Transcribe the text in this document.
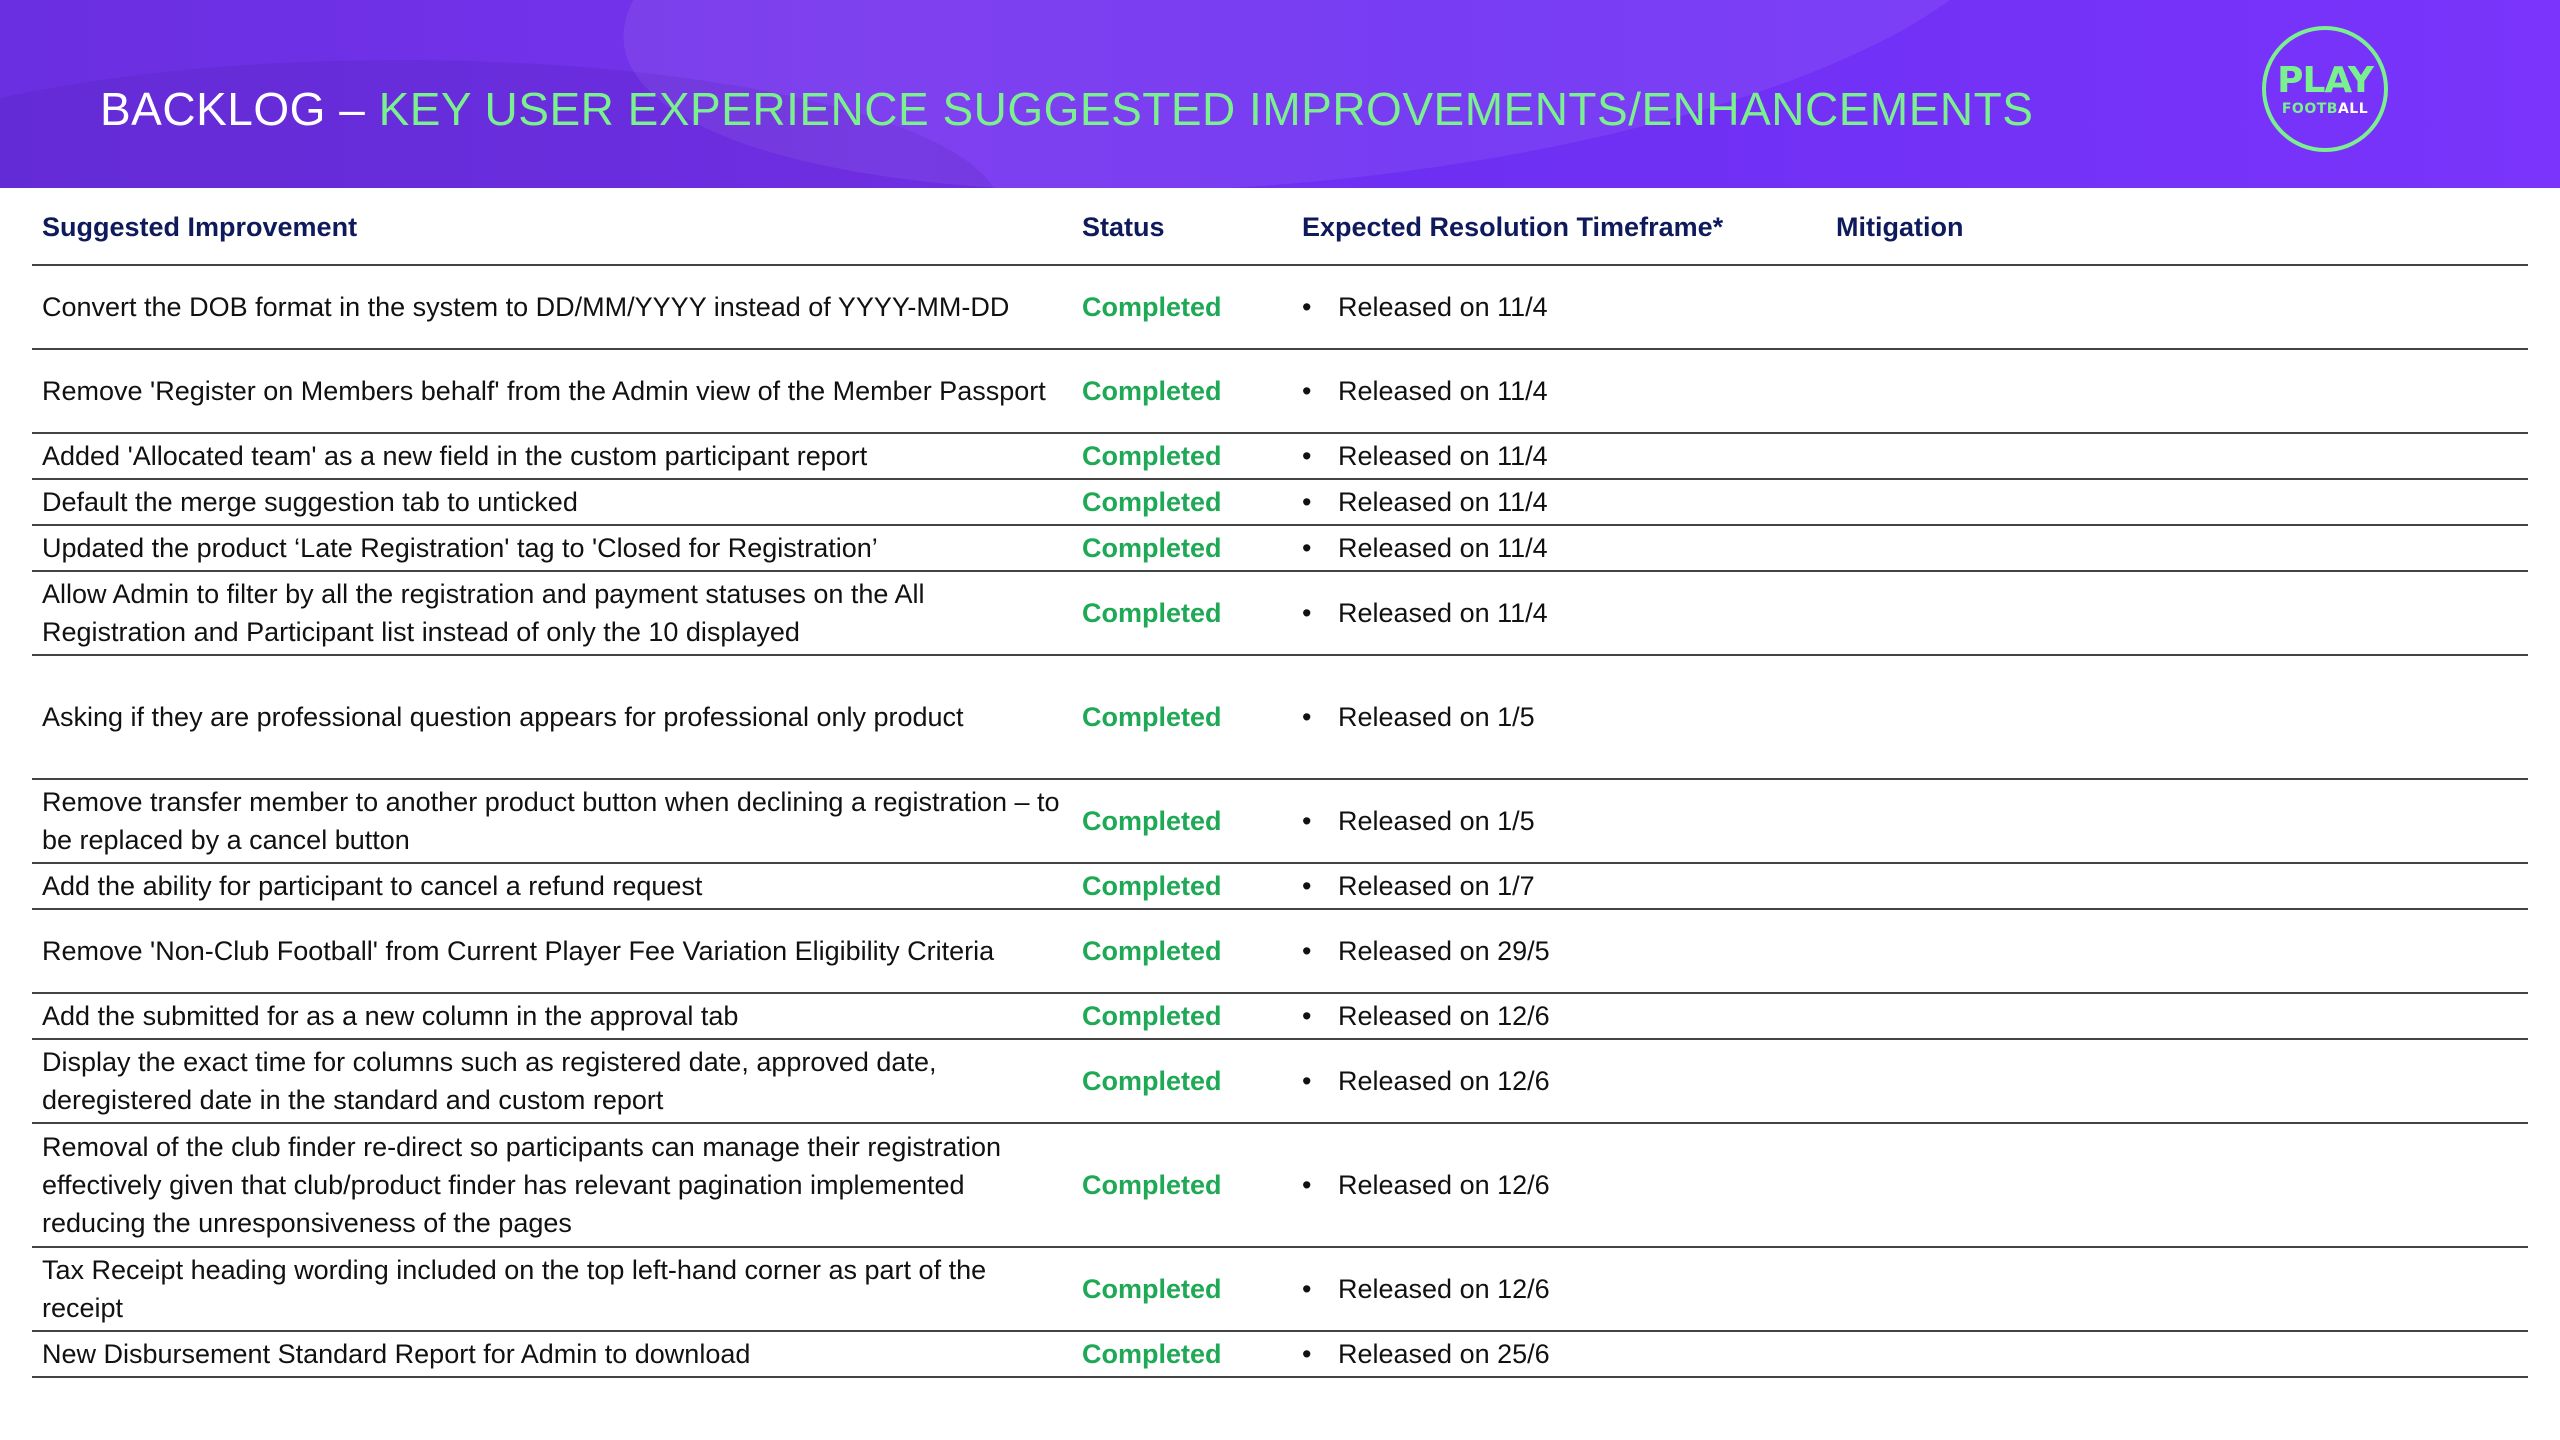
BACKLOG – KEY USER EXPERIENCE SUGGESTED IMPROVEMENTS/ENHANCEMENTS
PLAY
FOOTBALL
Suggested Improvement	Status	Expected Resolution Timeframe*	Mitigation
Convert the DOB format in the system to DD/MM/YYYY instead of YYYY-MM-DD	Completed	• Released on 11/4	
Remove 'Register on Members behalf' from the Admin view of the Member Passport	Completed	• Released on 11/4	
Added 'Allocated team' as a new field in the custom participant report	Completed	• Released on 11/4	
Default the merge suggestion tab to unticked	Completed	• Released on 11/4	
Updated the product ‘Late Registration' tag to 'Closed for Registration’	Completed	• Released on 11/4	
Allow Admin to filter by all the registration and payment statuses on the All Registration and Participant list instead of only the 10 displayed	Completed	• Released on 11/4	
Asking if they are professional question appears for professional only product	Completed	• Released on 1/5	
Remove transfer member to another product button when declining a registration – to be replaced by a cancel button	Completed	• Released on 1/5	
Add the ability for participant to cancel a refund request	Completed	• Released on 1/7	
Remove 'Non-Club Football' from Current Player Fee Variation Eligibility Criteria	Completed	• Released on 29/5	
Add the submitted for as a new column in the approval tab	Completed	• Released on 12/6	
Display the exact time for columns such as registered date, approved date, deregistered date in the standard and custom report	Completed	• Released on 12/6	
Removal of the club finder re-direct so participants can manage their registration effectively given that club/product finder has relevant pagination implemented reducing the unresponsiveness of the pages	Completed	• Released on 12/6	
Tax Receipt heading wording included on the top left-hand corner as part of the receipt	Completed	• Released on 12/6	
New Disbursement Standard Report for Admin to download	Completed	• Released on 25/6	
